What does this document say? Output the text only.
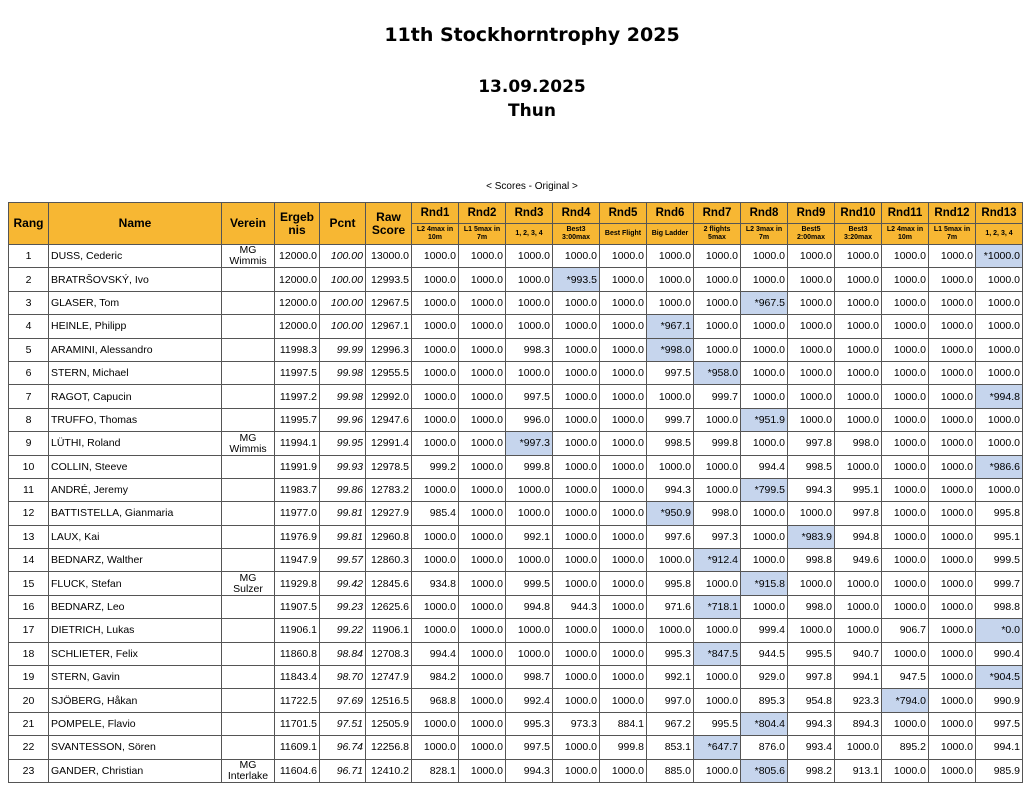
11th Stockhorntrophy 2025
13.09.2025
Thun
< Scores - Original >
Rang	Name	Verein	Ergeb nis	Pcnt	Raw Score	Rnd1	Rnd2	Rnd3	Rnd4	Rnd5	Rnd6	Rnd7	Rnd8	Rnd9	Rnd10	Rnd11	Rnd12	Rnd13
						L2 4max in 10m	L1 5max in 7m	1, 2, 3, 4	Best3 3:00max	Best Flight	Big Ladder	2 flights 5max	L2 3max in 7m	Best5 2:00max	Best3 3:20max	L2 4max in 10m	L1 5max in 7m	1, 2, 3, 4
1	DUSS, Cederic	MG Wimmis	12000.0	100.00	13000.0	1000.0	1000.0	1000.0	1000.0	1000.0	1000.0	1000.0	1000.0	1000.0	1000.0	1000.0	1000.0	*1000.0
2	BRATRŠOVSKÝ, Ivo		12000.0	100.00	12993.5	1000.0	1000.0	1000.0	*993.5	1000.0	1000.0	1000.0	1000.0	1000.0	1000.0	1000.0	1000.0	1000.0
3	GLASER, Tom		12000.0	100.00	12967.5	1000.0	1000.0	1000.0	1000.0	1000.0	1000.0	1000.0	*967.5	1000.0	1000.0	1000.0	1000.0	1000.0
4	HEINLE, Philipp		12000.0	100.00	12967.1	1000.0	1000.0	1000.0	1000.0	1000.0	*967.1	1000.0	1000.0	1000.0	1000.0	1000.0	1000.0	1000.0
5	ARAMINI, Alessandro		11998.3	99.99	12996.3	1000.0	1000.0	998.3	1000.0	1000.0	*998.0	1000.0	1000.0	1000.0	1000.0	1000.0	1000.0	1000.0
6	STERN, Michael		11997.5	99.98	12955.5	1000.0	1000.0	1000.0	1000.0	1000.0	997.5	*958.0	1000.0	1000.0	1000.0	1000.0	1000.0	1000.0
7	RAGOT, Capucin		11997.2	99.98	12992.0	1000.0	1000.0	997.5	1000.0	1000.0	1000.0	999.7	1000.0	1000.0	1000.0	1000.0	1000.0	*994.8
8	TRUFFO, Thomas		11995.7	99.96	12947.6	1000.0	1000.0	996.0	1000.0	1000.0	999.7	1000.0	*951.9	1000.0	1000.0	1000.0	1000.0	1000.0
9	LÜTHI, Roland	MG Wimmis	11994.1	99.95	12991.4	1000.0	1000.0	*997.3	1000.0	1000.0	998.5	999.8	1000.0	997.8	998.0	1000.0	1000.0	1000.0
10	COLLIN, Steeve		11991.9	99.93	12978.5	999.2	1000.0	999.8	1000.0	1000.0	1000.0	1000.0	994.4	998.5	1000.0	1000.0	1000.0	*986.6
11	ANDRÉ, Jeremy		11983.7	99.86	12783.2	1000.0	1000.0	1000.0	1000.0	1000.0	994.3	1000.0	*799.5	994.3	995.1	1000.0	1000.0	1000.0
12	BATTISTELLA, Gianmaria		11977.0	99.81	12927.9	985.4	1000.0	1000.0	1000.0	1000.0	*950.9	998.0	1000.0	1000.0	997.8	1000.0	1000.0	995.8
13	LAUX, Kai		11976.9	99.81	12960.8	1000.0	1000.0	992.1	1000.0	1000.0	997.6	997.3	1000.0	*983.9	994.8	1000.0	1000.0	995.1
14	BEDNARZ, Walther		11947.9	99.57	12860.3	1000.0	1000.0	1000.0	1000.0	1000.0	1000.0	*912.4	1000.0	998.8	949.6	1000.0	1000.0	999.5
15	FLUCK, Stefan	MG Sulzer	11929.8	99.42	12845.6	934.8	1000.0	999.5	1000.0	1000.0	995.8	1000.0	*915.8	1000.0	1000.0	1000.0	1000.0	999.7
16	BEDNARZ, Leo		11907.5	99.23	12625.6	1000.0	1000.0	994.8	944.3	1000.0	971.6	*718.1	1000.0	998.0	1000.0	1000.0	1000.0	998.8
17	DIETRICH, Lukas		11906.1	99.22	11906.1	1000.0	1000.0	1000.0	1000.0	1000.0	1000.0	1000.0	999.4	1000.0	1000.0	906.7	1000.0	*0.0
18	SCHLIETER, Felix		11860.8	98.84	12708.3	994.4	1000.0	1000.0	1000.0	1000.0	995.3	*847.5	944.5	995.5	940.7	1000.0	1000.0	990.4
19	STERN, Gavin		11843.4	98.70	12747.9	984.2	1000.0	998.7	1000.0	1000.0	992.1	1000.0	929.0	997.8	994.1	947.5	1000.0	*904.5
20	SJÖBERG, Håkan		11722.5	97.69	12516.5	968.8	1000.0	992.4	1000.0	1000.0	997.0	1000.0	895.3	954.8	923.3	*794.0	1000.0	990.9
21	POMPELE, Flavio		11701.5	97.51	12505.9	1000.0	1000.0	995.3	973.3	884.1	967.2	995.5	*804.4	994.3	894.3	1000.0	1000.0	997.5
22	SVANTESSON, Sören		11609.1	96.74	12256.8	1000.0	1000.0	997.5	1000.0	999.8	853.1	*647.7	876.0	993.4	1000.0	895.2	1000.0	994.1
23	GANDER, Christian	MG Interlake	11604.6	96.71	12410.2	828.1	1000.0	994.3	1000.0	1000.0	885.0	1000.0	*805.6	998.2	913.1	1000.0	1000.0	985.9
